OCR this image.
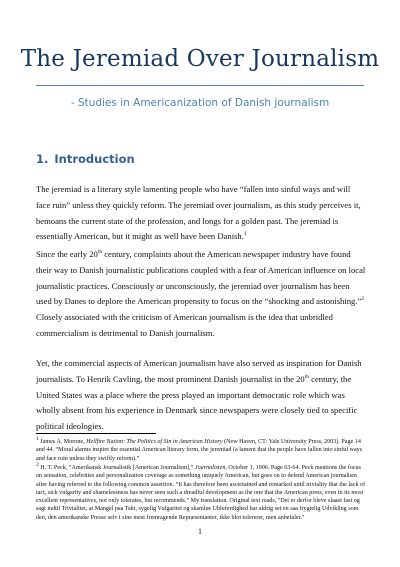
The Jeremiad Over Journalism
- Studies in Americanization of Danish journalism
1. Introduction

The jeremiad is a literary style lamenting people who have “fallen into sinful ways and will face ruin” unless they quickly reform. The jeremiad over journalism, as this study perceives it, bemoans the current state of the profession, and longs for a golden past. The jeremiad is essentially American, but it might as well have been Danish.$^1$

Since the early 20th century, complaints about the American newspaper industry have found their way to Danish journalistic publications coupled with a fear of American influence on local journalistic practices. Consciously or unconsciously, the jeremiad over journalism has been used by Danes to deplore the American propensity to focus on the “shocking and astonishing.”$^2$ Closely associated with the criticism of American journalism is the idea that unbridled commercialism is detrimental to Danish journalism.

Yet, the commercial aspects of American journalism have also served as inspiration for Danish journalists. To Henrik Cavling, the most prominent Danish journalist in the 20th century, the United States was a place where the press played an important democratic role which was wholly absent from his experience in Denmark since newspapers were closely tied to specific political ideologies.

$^1$ James A. Morone, Hellfire Nation: The Politics of Sin in American History (New Haven, CT: Yale University Press, 2003). Page 14 and 44. “Moral alarms inspire the essential American literary form, the jeremiad (a lament that the people have fallen into sinful ways and face ruin unless they swiftly reform).”
$^2$ H. T. Peck, “Amerikansk Journalistik [American Journalism],” Journalisten, October 1, 1906. Page 63-64. Peck mentions the focus on sensation, celebrities and personalization coverage as something uniquely American, but goes on to defend American journalism after having referred to the following common assertion. “It has therefore been ascertained and remarked until triviality that the lack of tact, sick vulgarity and shamelessness has never seen such a dreadful development as the one that the American press, even in its most excellent representatives, not only tolerates, but recommends.” My translation. Original text reads, "Det er derfor bleve slaaet fast og sagt indtil Trivialitet, at Mangel paa Takt, sygelig Vulgaritet og skamløs Ubluferdighed har aldrig set en saa frygtelig Udvikling som den, den amerikanske Presse selv i sine mest fremragende Repræsentanter, ikke blot tolererer, men anbefaler."
1
